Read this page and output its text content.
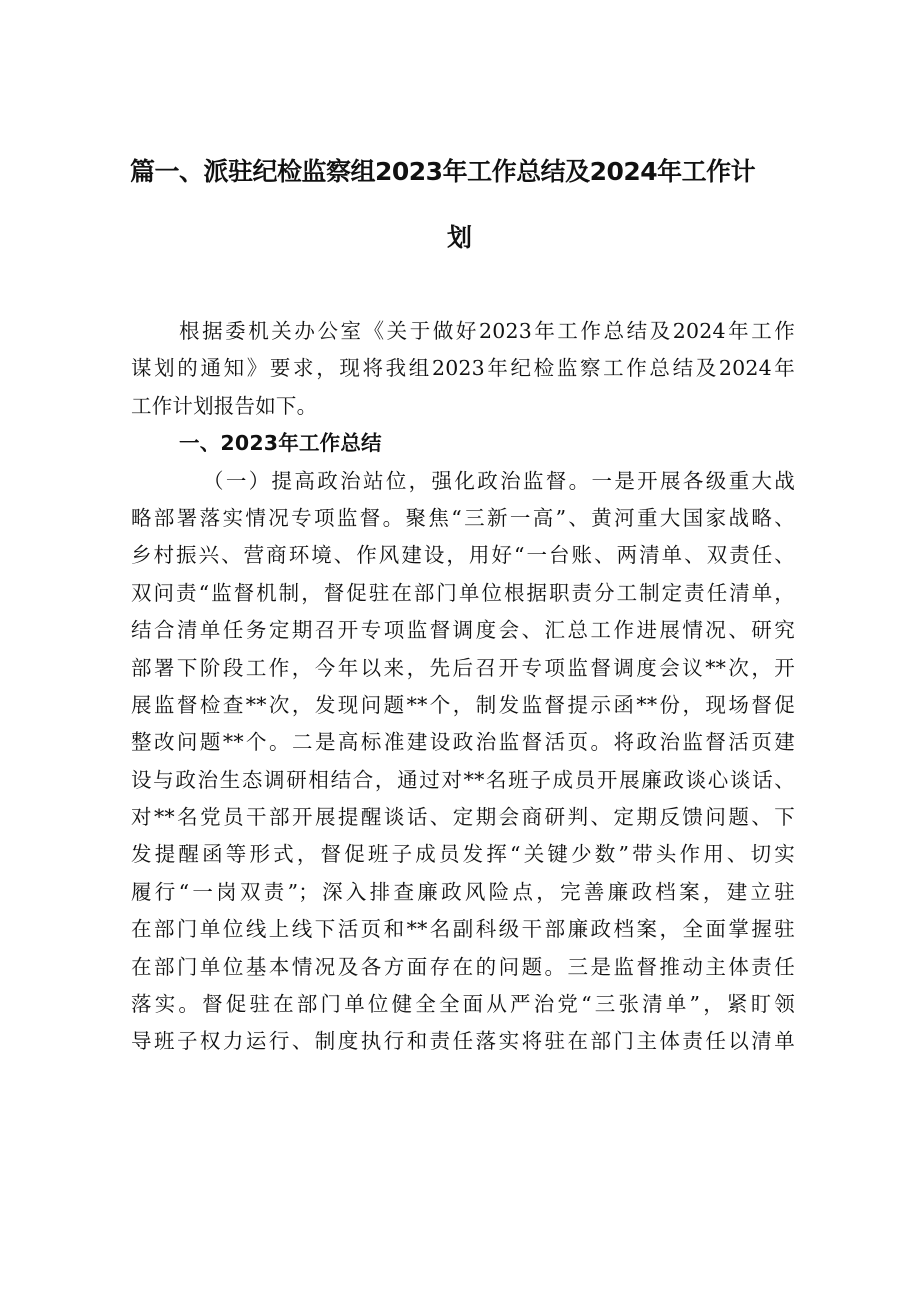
篇一、派驻纪检监察组2023年工作总结及2024年工作计
划
根据委机关办公室《关于做好2023年工作总结及2024年工作
谋划的通知》要求，现将我组2023年纪检监察工作总结及2024年
工作计划报告如下。
一、2023年工作总结
（一）提高政治站位，强化政治监督。一是开展各级重大战
略部署落实情况专项监督。聚焦“三新一高”、黄河重大国家战略、
乡村振兴、营商环境、作风建设，用好“一台账、两清单、双责任、
双问责“监督机制，督促驻在部门单位根据职责分工制定责任清单，
结合清单任务定期召开专项监督调度会、汇总工作进展情况、研究
部署下阶段工作，今年以来，先后召开专项监督调度会议**次，开
展监督检查**次，发现问题**个，制发监督提示函**份，现场督促
整改问题**个。二是高标准建设政治监督活页。将政治监督活页建
设与政治生态调研相结合，通过对**名班子成员开展廉政谈心谈话、
对**名党员干部开展提醒谈话、定期会商研判、定期反馈问题、下
发提醒函等形式，督促班子成员发挥“关键少数”带头作用、切实
履行“一岗双责”；深入排查廉政风险点，完善廉政档案，建立驻
在部门单位线上线下活页和**名副科级干部廉政档案，全面掌握驻
在部门单位基本情况及各方面存在的问题。三是监督推动主体责任
落实。督促驻在部门单位健全全面从严治党“三张清单”，紧盯领
导班子权力运行、制度执行和责任落实将驻在部门主体责任以清单
